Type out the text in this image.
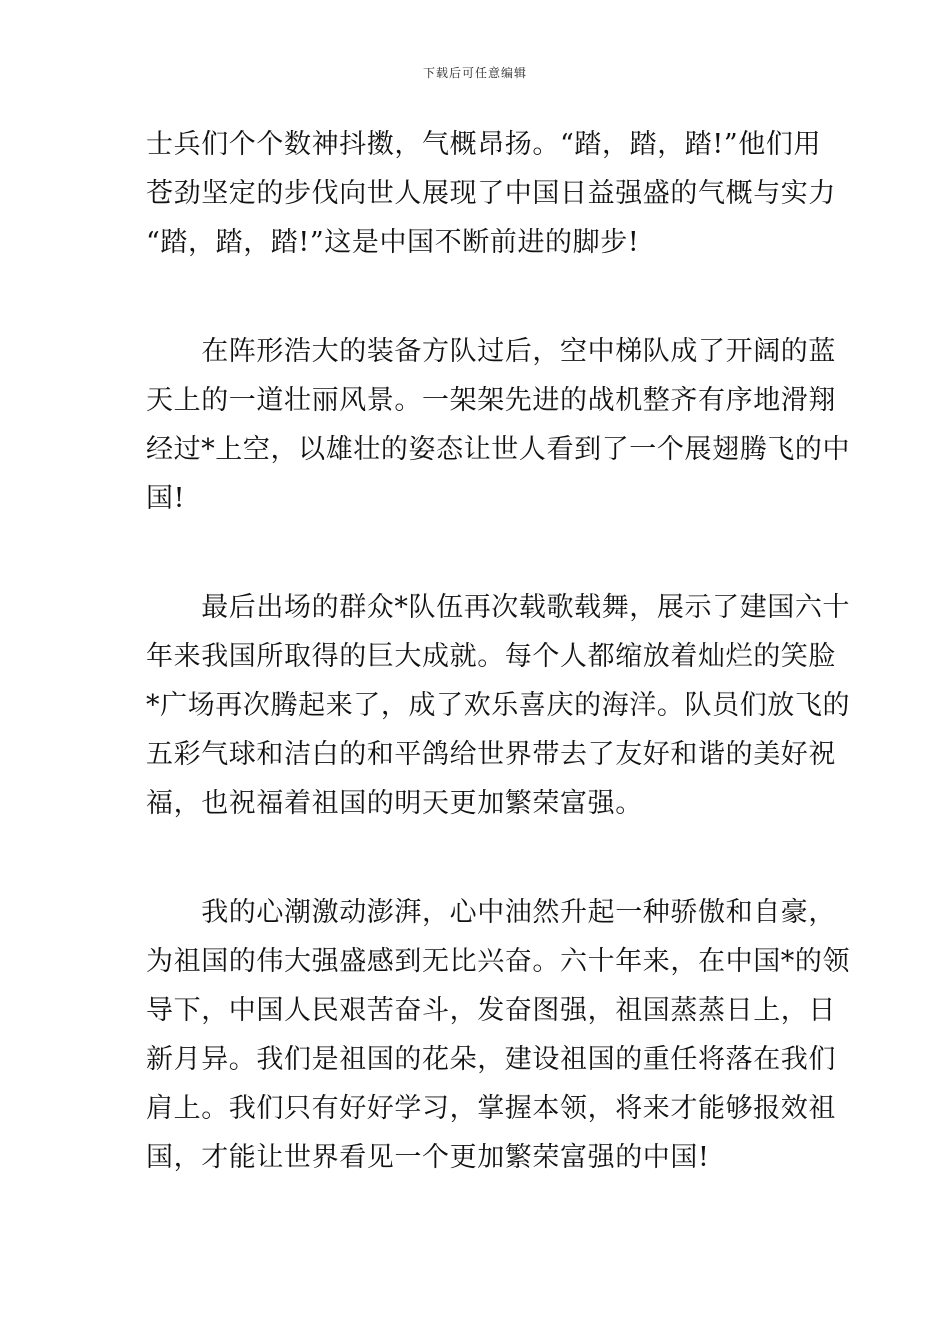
下载后可任意编辑
士兵们个个数神抖擞，气概昂扬。“踏，踏，踏!”他们用
苍劲坚定的步伐向世人展现了中国日益强盛的气概与实力
“踏，踏，踏!”这是中国不断前进的脚步!
　　在阵形浩大的装备方队过后，空中梯队成了开阔的蓝
天上的一道壮丽风景。一架架先进的战机整齐有序地滑翔
经过*上空，以雄壮的姿态让世人看到了一个展翅腾飞的中
国!
　　最后出场的群众*队伍再次载歌载舞，展示了建国六十
年来我国所取得的巨大成就。每个人都缩放着灿烂的笑脸
*广场再次腾起来了，成了欢乐喜庆的海洋。队员们放飞的
五彩气球和洁白的和平鸽给世界带去了友好和谐的美好祝
福，也祝福着祖国的明天更加繁荣富强。
　　我的心潮激动澎湃，心中油然升起一种骄傲和自豪，
为祖国的伟大强盛感到无比兴奋。六十年来，在中国*的领
导下，中国人民艰苦奋斗，发奋图强，祖国蒸蒸日上，日
新月异。我们是祖国的花朵，建设祖国的重任将落在我们
肩上。我们只有好好学习，掌握本领，将来才能够报效祖
国，才能让世界看见一个更加繁荣富强的中国!
